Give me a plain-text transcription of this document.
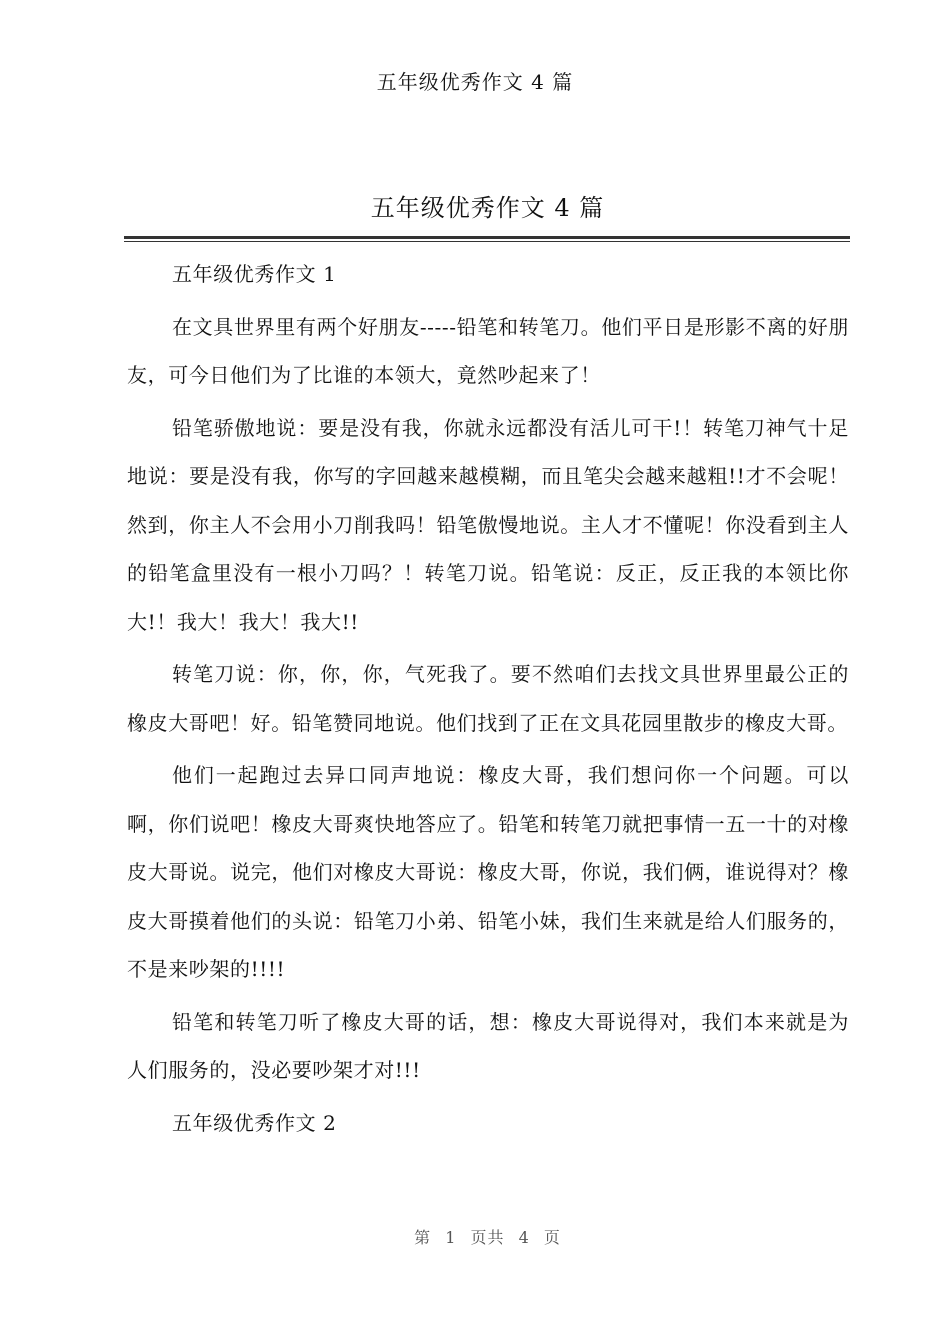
五年级优秀作文 4 篇
五年级优秀作文 4 篇

五年级优秀作文 1

在文具世界里有两个好朋友-----铅笔和转笔刀。他们平日是形影不离的好朋友，可今日他们为了比谁的本领大，竟然吵起来了！

铅笔骄傲地说：要是没有我，你就永远都没有活儿可干!！转笔刀神气十足地说：要是没有我，你写的字回越来越模糊，而且笔尖会越来越粗!!才不会呢！然到，你主人不会用小刀削我吗！铅笔傲慢地说。主人才不懂呢！你没看到主人的铅笔盒里没有一根小刀吗？！转笔刀说。铅笔说：反正，反正我的本领比你大!！我大！我大！我大!!

转笔刀说：你，你，你，气死我了。要不然咱们去找文具世界里最公正的橡皮大哥吧！好。铅笔赞同地说。他们找到了正在文具花园里散步的橡皮大哥。

他们一起跑过去异口同声地说：橡皮大哥，我们想问你一个问题。可以啊，你们说吧！橡皮大哥爽快地答应了。铅笔和转笔刀就把事情一五一十的对橡皮大哥说。说完，他们对橡皮大哥说：橡皮大哥，你说，我们俩，谁说得对？橡皮大哥摸着他们的头说：铅笔刀小弟、铅笔小妹，我们生来就是给人们服务的，不是来吵架的!!!!

铅笔和转笔刀听了橡皮大哥的话，想：橡皮大哥说得对，我们本来就是为人们服务的，没必要吵架才对!!!

五年级优秀作文 2

第 1 页共 4 页
